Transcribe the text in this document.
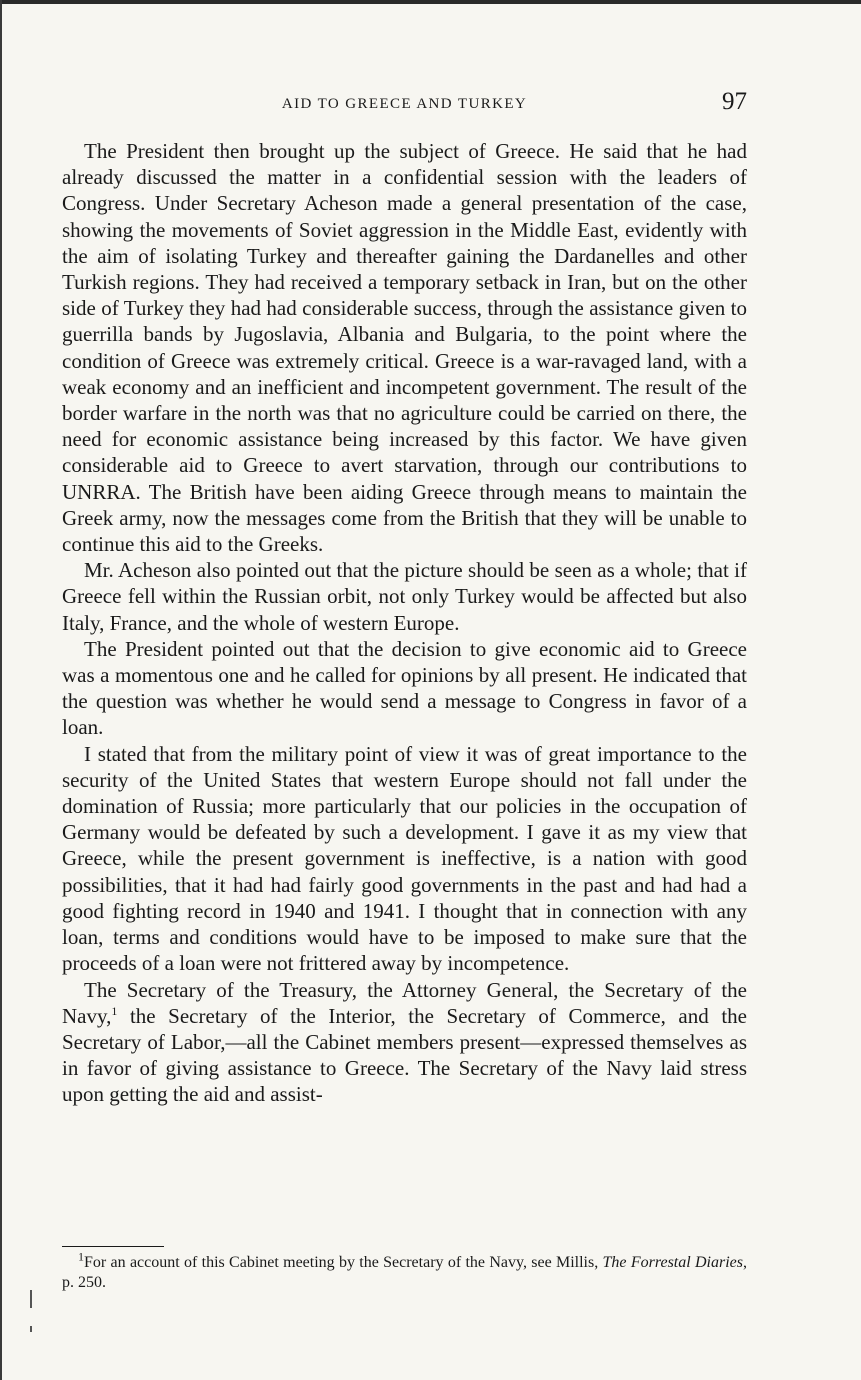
AID TO GREECE AND TURKEY	97

The President then brought up the subject of Greece. He said that he had already discussed the matter in a confidential session with the leaders of Congress. Under Secretary Acheson made a general presentation of the case, showing the movements of Soviet aggression in the Middle East, evidently with the aim of isolating Turkey and thereafter gaining the Dardanelles and other Turkish regions. They had received a temporary setback in Iran, but on the other side of Turkey they had had considerable success, through the assistance given to guerrilla bands by Jugoslavia, Albania and Bulgaria, to the point where the condition of Greece was extremely critical. Greece is a war-ravaged land, with a weak economy and an inefficient and incompetent government. The result of the border warfare in the north was that no agriculture could be carried on there, the need for economic assistance being increased by this factor. We have given considerable aid to Greece to avert starvation, through our contributions to UNRRA. The British have been aiding Greece through means to maintain the Greek army, now the messages come from the British that they will be unable to continue this aid to the Greeks.

Mr. Acheson also pointed out that the picture should be seen as a whole; that if Greece fell within the Russian orbit, not only Turkey would be affected but also Italy, France, and the whole of western Europe.

The President pointed out that the decision to give economic aid to Greece was a momentous one and he called for opinions by all present. He indicated that the question was whether he would send a message to Congress in favor of a loan.

I stated that from the military point of view it was of great importance to the security of the United States that western Europe should not fall under the domination of Russia; more particularly that our policies in the occupation of Germany would be defeated by such a development. I gave it as my view that Greece, while the present government is ineffective, is a nation with good possibilities, that it had had fairly good governments in the past and had had a good fighting record in 1940 and 1941. I thought that in connection with any loan, terms and conditions would have to be imposed to make sure that the proceeds of a loan were not frittered away by incompetence.

The Secretary of the Treasury, the Attorney General, the Secretary of the Navy,$^1$ the Secretary of the Interior, the Secretary of Commerce, and the Secretary of Labor,—all the Cabinet members present—expressed themselves as in favor of giving assistance to Greece. The Secretary of the Navy laid stress upon getting the aid and assist-

$^1$For an account of this Cabinet meeting by the Secretary of the Navy, see Millis, The Forrestal Diaries, p. 250.
